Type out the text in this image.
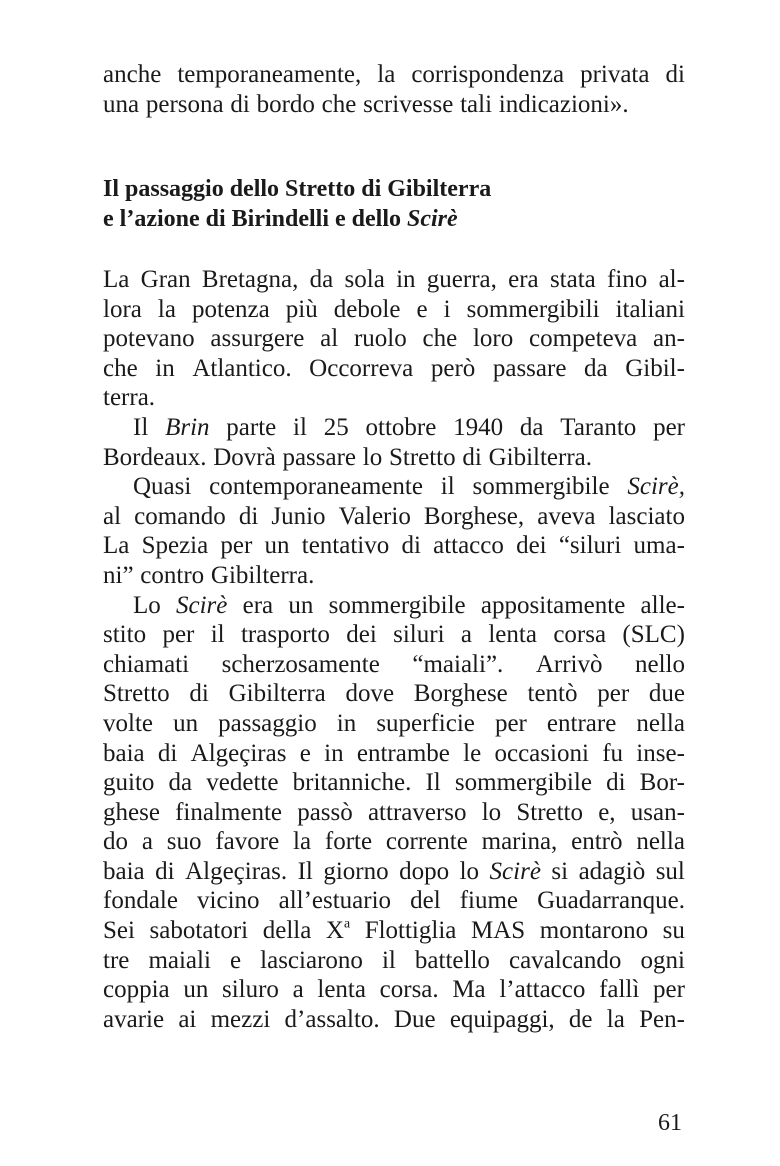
anche temporaneamente, la corrispondenza privata di
una persona di bordo che scrivesse tali indicazioni».
Il passaggio dello Stretto di Gibilterra
e l’azione di Birindelli e dello Scirè
La Gran Bretagna, da sola in guerra, era stata fino al-
lora la potenza più debole e i sommergibili italiani
potevano assurgere al ruolo che loro competeva an-
che in Atlantico. Occorreva però passare da Gibil-
terra.
Il Brin parte il 25 ottobre 1940 da Taranto per
Bordeaux. Dovrà passare lo Stretto di Gibilterra.
Quasi contemporaneamente il sommergibile Scirè,
al comando di Junio Valerio Borghese, aveva lasciato
La Spezia per un tentativo di attacco dei “siluri uma-
ni” contro Gibilterra.
Lo Scirè era un sommergibile appositamente alle-
stito per il trasporto dei siluri a lenta corsa (SLC)
chiamati scherzosamente “maiali”. Arrivò nello
Stretto di Gibilterra dove Borghese tentò per due
volte un passaggio in superficie per entrare nella
baia di Algeçiras e in entrambe le occasioni fu inse-
guito da vedette britanniche. Il sommergibile di Bor-
ghese finalmente passò attraverso lo Stretto e, usan-
do a suo favore la forte corrente marina, entrò nella
baia di Algeçiras. Il giorno dopo lo Scirè si adagiò sul
fondale vicino all’estuario del fiume Guadarranque.
Sei sabotatori della $X^a$ Flottiglia MAS montarono su
tre maiali e lasciarono il battello cavalcando ogni
coppia un siluro a lenta corsa. Ma l’attacco fallì per
avarie ai mezzi d’assalto. Due equipaggi, de la Pen-
61
